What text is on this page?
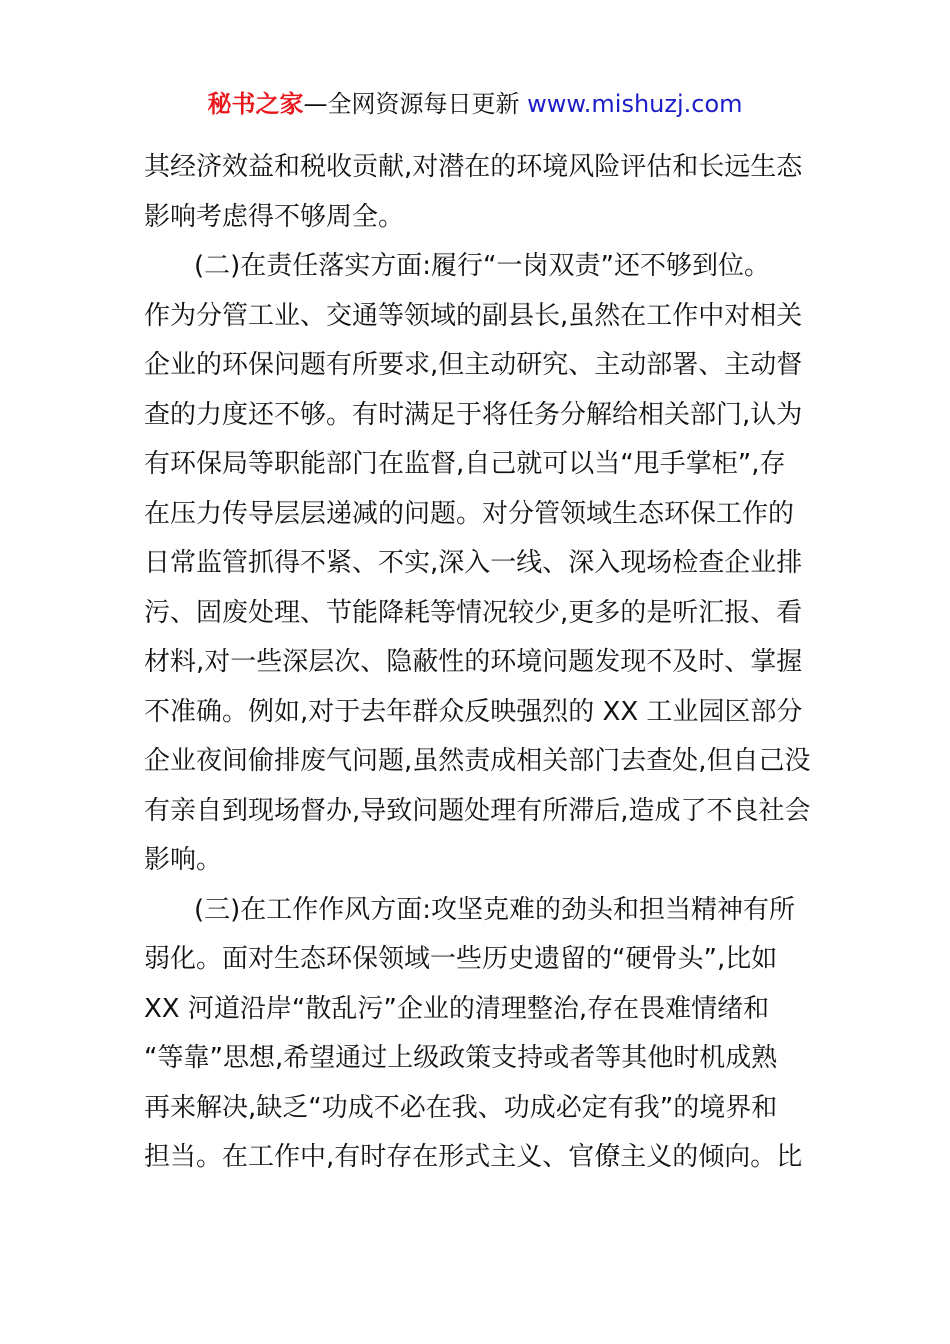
秘书之家—全网资源每日更新 www.mishuzj.com
其经济效益和税收贡献,对潜在的环境风险评估和长远生态
影响考虑得不够周全。
(二)在责任落实方面:履行“一岗双责”还不够到位。
作为分管工业、交通等领域的副县长,虽然在工作中对相关
企业的环保问题有所要求,但主动研究、主动部署、主动督
查的力度还不够。有时满足于将任务分解给相关部门,认为
有环保局等职能部门在监督,自己就可以当“甩手掌柜”,存
在压力传导层层递减的问题。对分管领域生态环保工作的
日常监管抓得不紧、不实,深入一线、深入现场检查企业排
污、固废处理、节能降耗等情况较少,更多的是听汇报、看
材料,对一些深层次、隐蔽性的环境问题发现不及时、掌握
不准确。例如,对于去年群众反映强烈的 XX 工业园区部分
企业夜间偷排废气问题,虽然责成相关部门去查处,但自己没
有亲自到现场督办,导致问题处理有所滞后,造成了不良社会
影响。
(三)在工作作风方面:攻坚克难的劲头和担当精神有所
弱化。面对生态环保领域一些历史遗留的“硬骨头”,比如
XX 河道沿岸“散乱污”企业的清理整治,存在畏难情绪和
“等靠”思想,希望通过上级政策支持或者等其他时机成熟
再来解决,缺乏“功成不必在我、功成必定有我”的境界和
担当。在工作中,有时存在形式主义、官僚主义的倾向。比
